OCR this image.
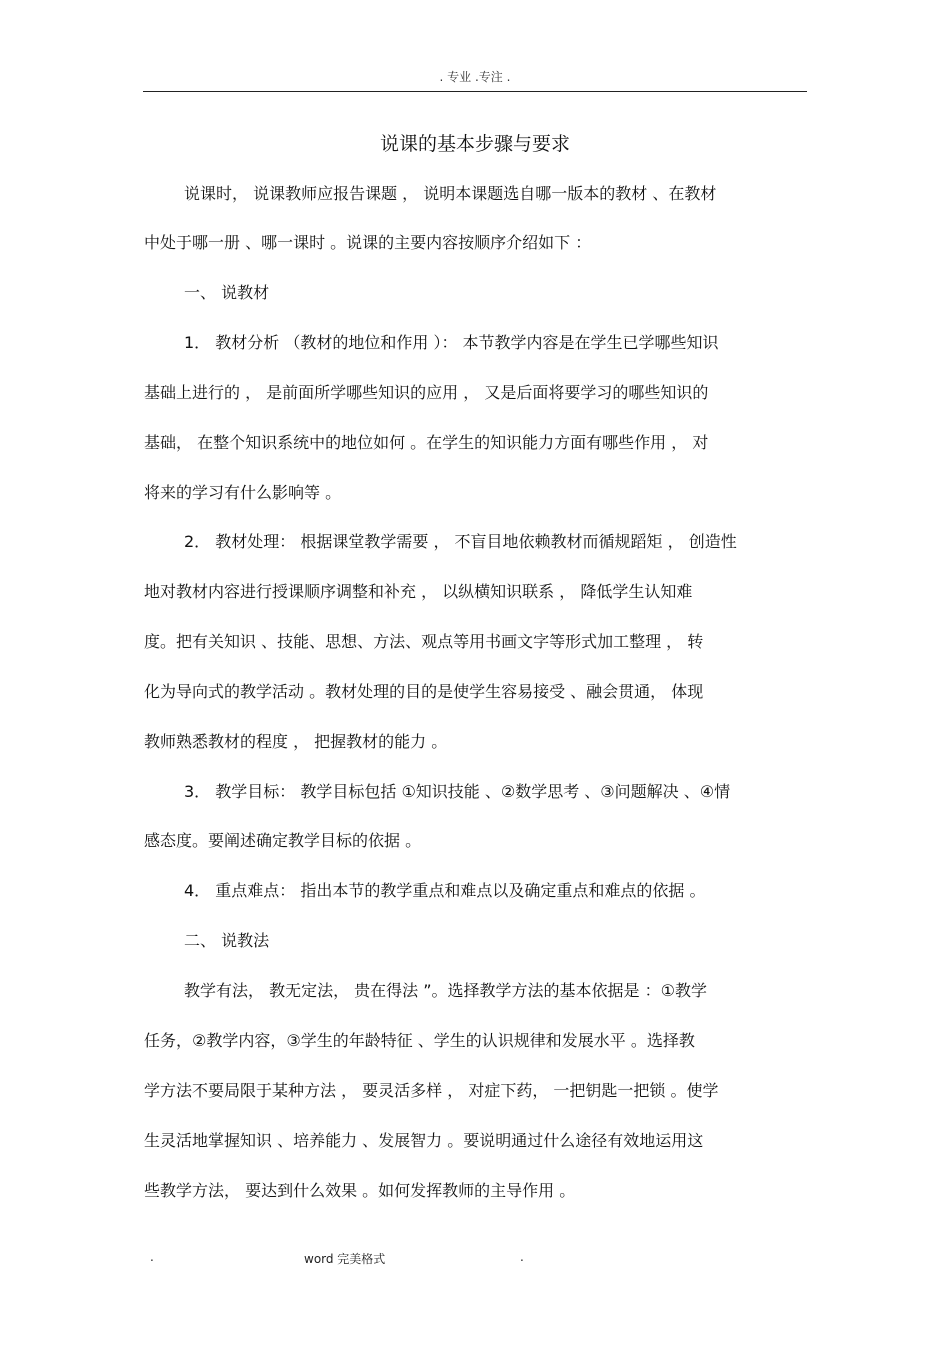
. 专业 .专注 .
说课的基本步骤与要求
说课时， 说课教师应报告课题 ， 说明本课题选自哪一版本的教材 、在教材
中处于哪一册 、哪一课时 。说课的主要内容按顺序介绍如下 ：
一、 说教材
1． 教材分析 （教材的地位和作用 ）： 本节教学内容是在学生已学哪些知识
基础上进行的 ， 是前面所学哪些知识的应用 ， 又是后面将要学习的哪些知识的
基础， 在整个知识系统中的地位如何 。在学生的知识能力方面有哪些作用 ， 对
将来的学习有什么影响等 。
2． 教材处理： 根据课堂教学需要 ， 不盲目地依赖教材而循规蹈矩 ， 创造性
地对教材内容进行授课顺序调整和补充 ， 以纵横知识联系 ， 降低学生认知难
度。把有关知识 、技能、思想、方法、观点等用书画文字等形式加工整理 ， 转
化为导向式的教学活动 。教材处理的目的是使学生容易接受 、融会贯通， 体现
教师熟悉教材的程度 ， 把握教材的能力 。
3． 教学目标： 教学目标包括 ①知识技能 、②数学思考 、③问题解决 、④情
感态度。要阐述确定教学目标的依据 。
4． 重点难点： 指出本节的教学重点和难点以及确定重点和难点的依据 。
二、 说教法
教学有法， 教无定法， 贵在得法 ”。选择教学方法的基本依据是 ：①教学
任务，②教学内容，③学生的年龄特征 、学生的认识规律和发展水平 。选择教
学方法不要局限于某种方法 ， 要灵活多样 ， 对症下药， 一把钥匙一把锁 。使学
生灵活地掌握知识 、培养能力 、发展智力 。要说明通过什么途径有效地运用这
些教学方法， 要达到什么效果 。如何发挥教师的主导作用 。
.	word 完美格式	.
